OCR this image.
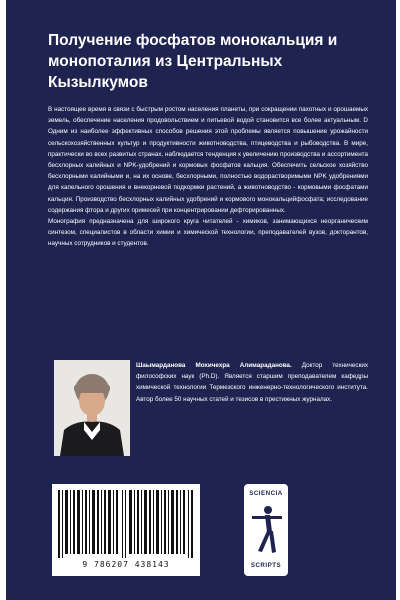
Получение фосфатов монокальция и монопоталия из Центральных Кызылкумов

В настоящее время в связи с быстрым ростом населения планеты, при сокращении пахотных и орошаемых земель, обеспечение населения продовольствием и питьевой водой становится все более актуальным. D Одним из наиболее эффективных способов решения этой проблемы является повышение урожайности сельскохозяйственных культур и продуктивности животноводства, птицеводства и рыбоводства. В мире, практически во всех развитых странах, наблюдается тенденция к увеличению производства и ассортимента бесхлорных калийных и NPK-удобрений и кормовых фосфатов кальция. Обеспечить сельское хозяйство бесхлорными калийными и, на их основе, бесхлорными, полностью водорастворимыми NPK удобрениями для капельного орошения и внекорневой подкормки растений, а животноводство - кормовыми фосфатами кальция. Производство бесхлорных калийных удобрений и кормового монокальцийфосфата; исследование содержания фтора и других примесей при концентрировании дефторированных.

Монография предназначена для широкого круга читателей - химиков, занимающихся неорганическим синтезом, специалистов в области химии и химической технологии, преподавателей вузов, докторантов, научных сотрудников и студентов.

Шаымарданова Мохичехра Алимараданова. Доктор технических философских наук (Ph.D). Является старшим преподавателем кафедры химической технологии Термезского инженерно-технологического института. Автор более 50 научных статей и тезисов в престижных журналах.
9 786207 438143
SCIENCIA
SCRIPTS
